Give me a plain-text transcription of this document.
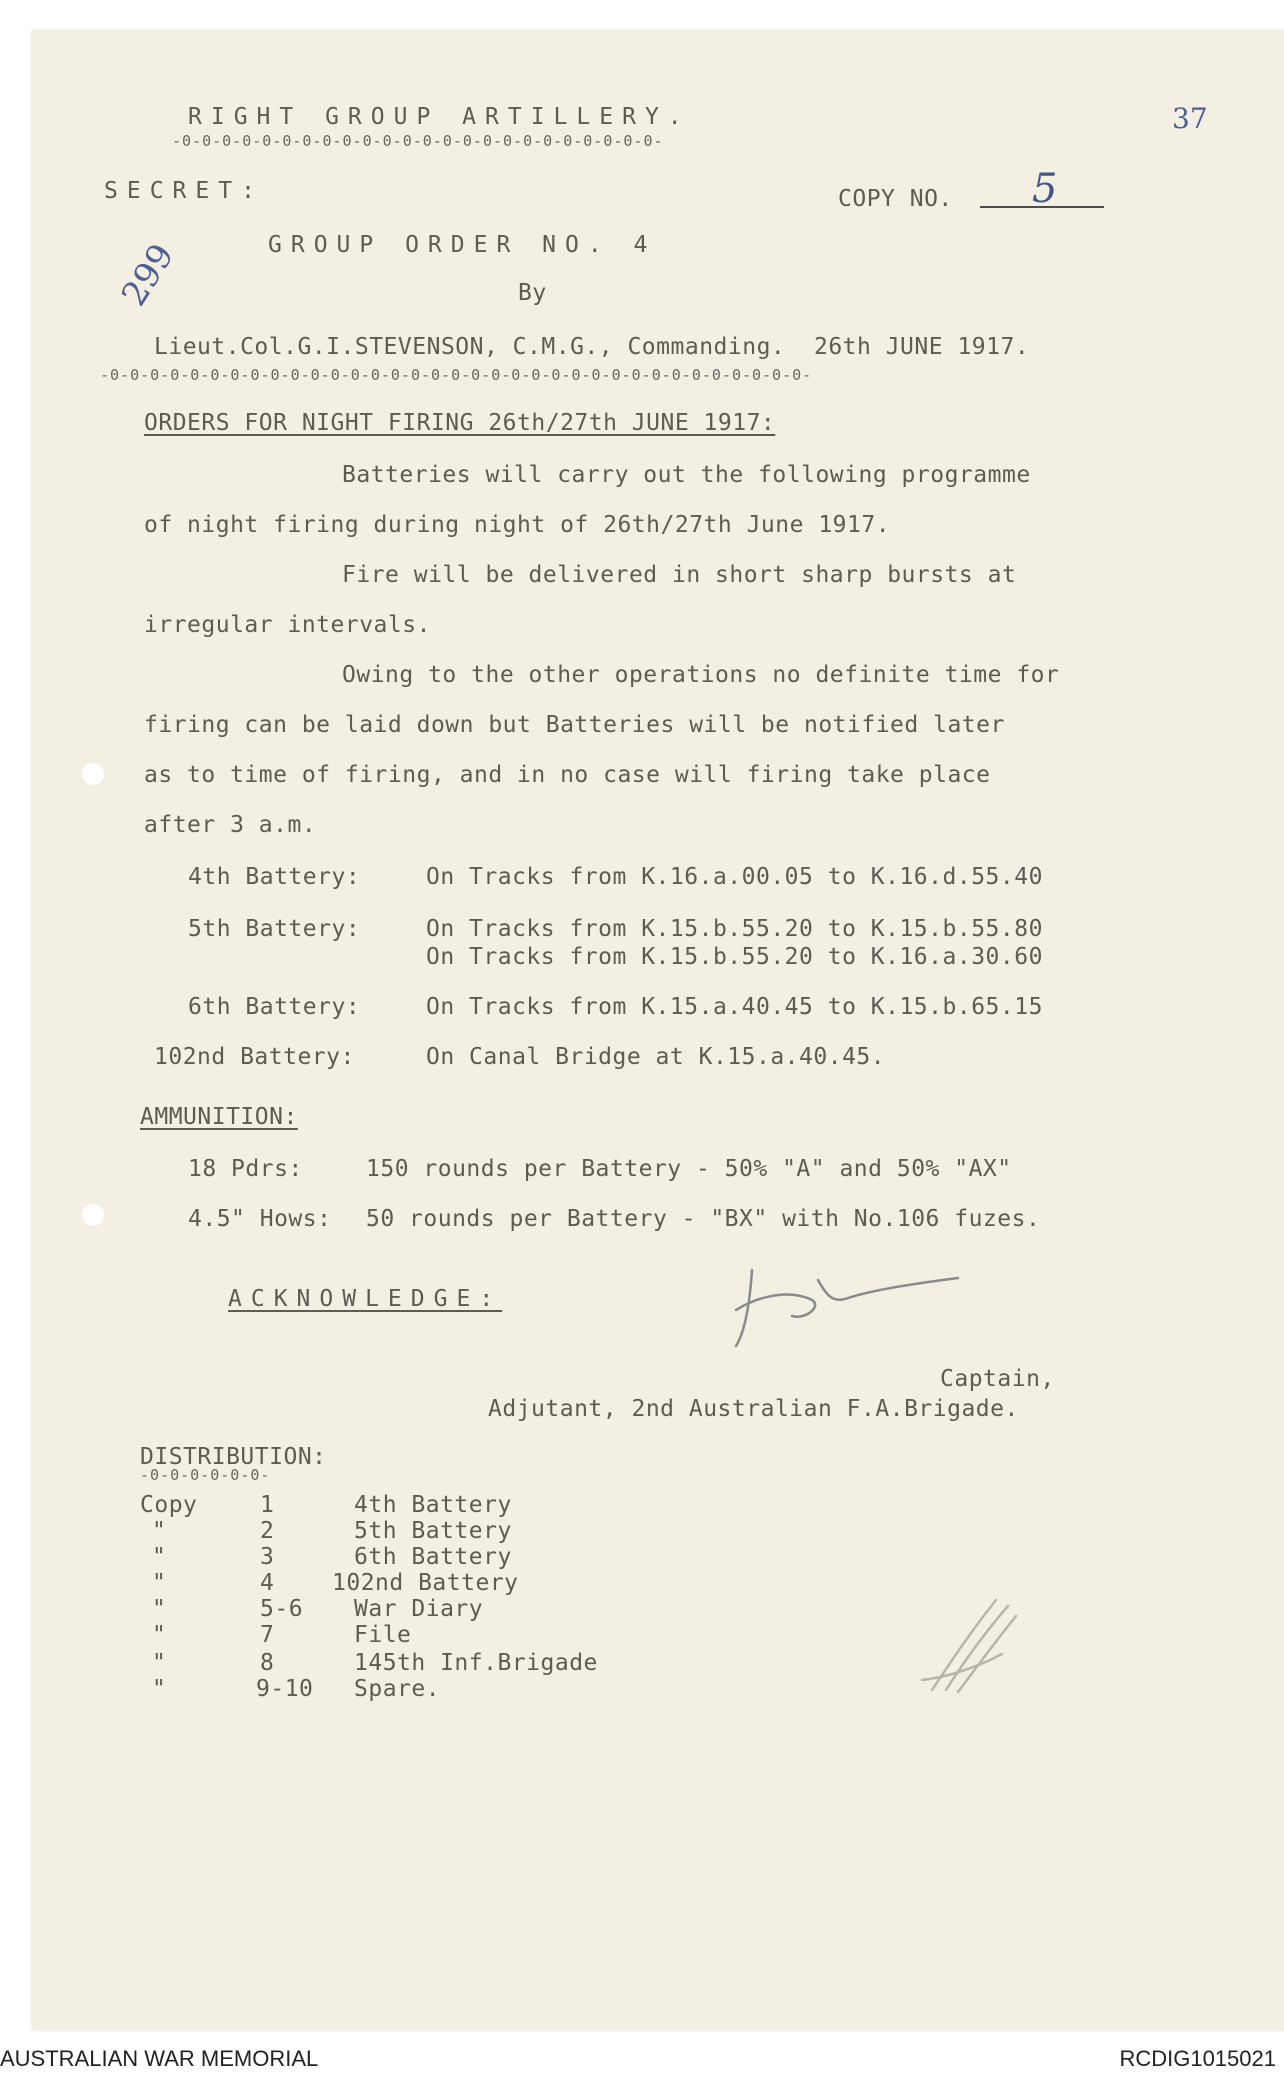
RIGHT GROUP ARTILLERY.
-0-0-0-0-0-0-0-0-0-0-0-0-0-0-0-0-0-0-0-0-0-0-0-0-
37
SECRET:	COPY NO. 5
299	GROUP ORDER NO. 4
By
Lieut.Col.G.I.STEVENSON, C.M.G., Commanding.  26th JUNE 1917.
-0-0-0-0-0-0-0-0-0-0-0-0-0-0-0-0-0-0-0-0-0-0-0-0-0-0-0-0-0-0-0-0-0-0-0-
ORDERS FOR NIGHT FIRING 26th/27th JUNE 1917:
Batteries will carry out the following programme
of night firing during night of 26th/27th June 1917.
Fire will be delivered in short sharp bursts at
irregular intervals.
Owing to the other operations no definite time for
firing can be laid down but Batteries will be notified later
as to time of firing, and in no case will firing take place
after 3 a.m.
4th Battery:	On Tracks from K.16.a.00.05 to K.16.d.55.40
5th Battery:	On Tracks from K.15.b.55.20 to K.15.b.55.80
On Tracks from K.15.b.55.20 to K.16.a.30.60
6th Battery:	On Tracks from K.15.a.40.45 to K.15.b.65.15
102nd Battery:	On Canal Bridge at K.15.a.40.45.
AMMUNITION:
18 Pdrs:	150 rounds per Battery - 50% "A" and 50% "AX"
4.5" Hows: 50 rounds per Battery - "BX" with No.106 fuzes.
ACKNOWLEDGE:
Captain,
Adjutant, 2nd Australian F.A.Brigade.
DISTRIBUTION:
-0-0-0-0-0-0-
Copy	1	4th Battery
"	2	5th Battery
"	3	6th Battery
"	4	102nd Battery
"	5-6 War Diary
"	7	File
"	8	145th Inf.Brigade
"	9-10 Spare.
AUSTRALIAN WAR MEMORIAL	RCDIG1015021
